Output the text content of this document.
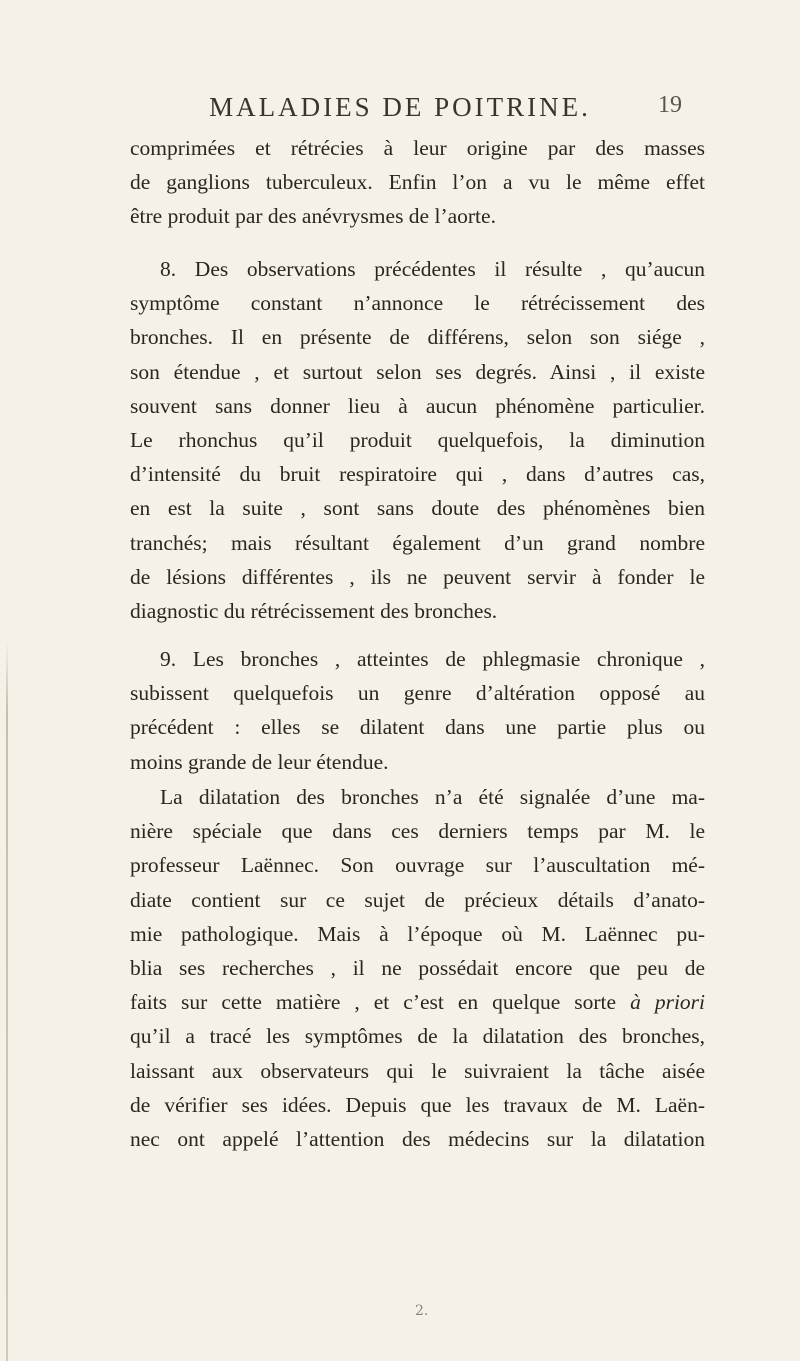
MALADIES DE POITRINE.	19
comprimées et rétrécies à leur origine par des masses
de ganglions tuberculeux. Enfin l’on a vu le même effet
être produit par des anévrysmes de l’aorte.
8. Des observations précédentes il résulte , qu’aucun
symptôme constant n’annonce le rétrécissement des
bronches. Il en présente de différens, selon son siége ,
son étendue , et surtout selon ses degrés. Ainsi , il existe
souvent sans donner lieu à aucun phénomène particulier.
Le rhonchus qu’il produit quelquefois, la diminution
d’intensité du bruit respiratoire qui , dans d’autres cas,
en est la suite , sont sans doute des phénomènes bien
tranchés; mais résultant également d’un grand nombre
de lésions différentes , ils ne peuvent servir à fonder le
diagnostic du rétrécissement des bronches.
9. Les bronches , atteintes de phlegmasie chronique ,
subissent quelquefois un genre d’altération opposé au
précédent : elles se dilatent dans une partie plus ou
moins grande de leur étendue.
La dilatation des bronches n’a été signalée d’une ma-
nière spéciale que dans ces derniers temps par M. le
professeur Laënnec. Son ouvrage sur l’auscultation mé-
diate contient sur ce sujet de précieux détails d’anato-
mie pathologique. Mais à l’époque où M. Laënnec pu-
blia ses recherches , il ne possédait encore que peu de
faits sur cette matière , et c’est en quelque sorte à priori
qu’il a tracé les symptômes de la dilatation des bronches,
laissant aux observateurs qui le suivraient la tâche aisée
de vérifier ses idées. Depuis que les travaux de M. Laën-
nec ont appelé l’attention des médecins sur la dilatation
2.
